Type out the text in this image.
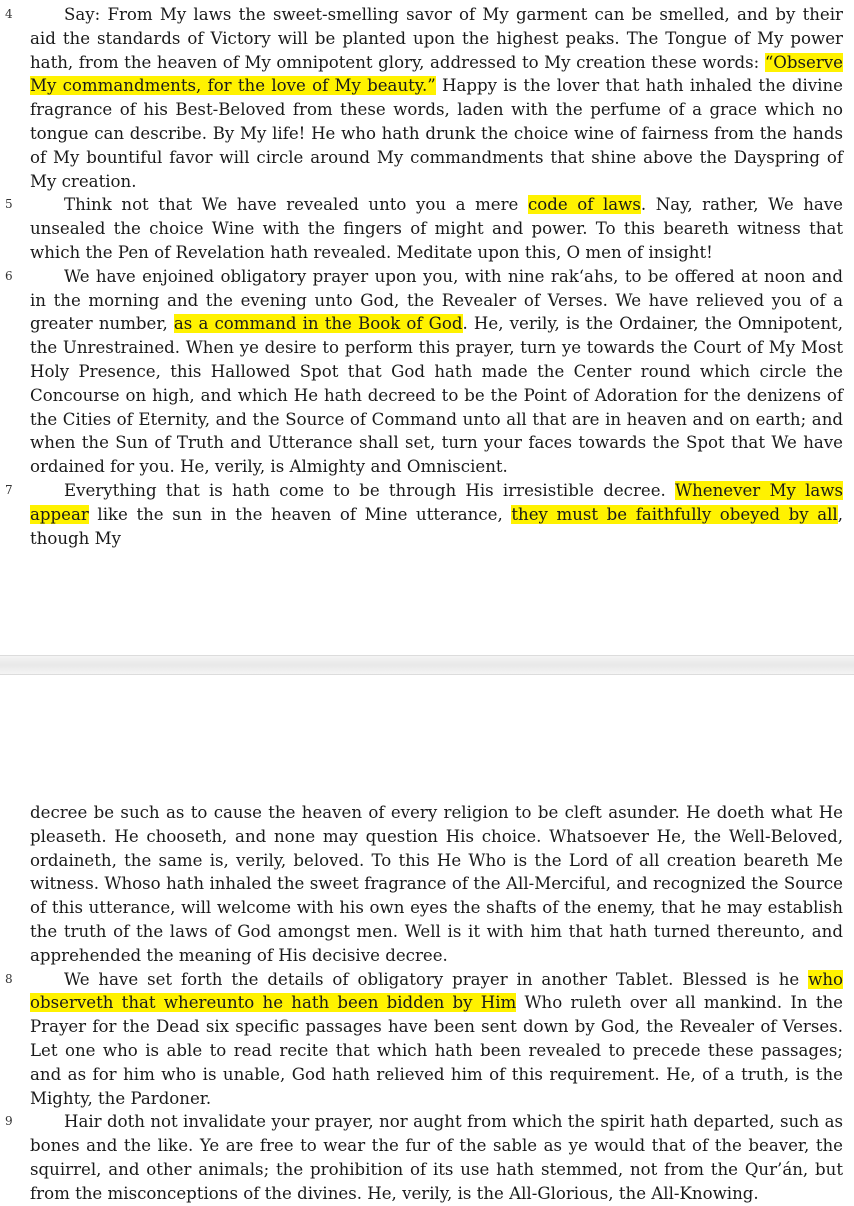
4	Say: From My laws the sweet-smelling savor of My garment can be smelled, and by their aid the standards of Victory will be planted upon the highest peaks. The Tongue of My power hath, from the heaven of My omnipotent glory, addressed to My creation these words: “Observe My commandments, for the love of My beauty.” Happy is the lover that hath inhaled the divine fragrance of his Best-Beloved from these words, laden with the perfume of a grace which no tongue can describe. By My life! He who hath drunk the choice wine of fairness from the hands of My bountiful favor will circle around My commandments that shine above the Dayspring of My creation.

5	Think not that We have revealed unto you a mere code of laws. Nay, rather, We have unsealed the choice Wine with the fingers of might and power. To this beareth witness that which the Pen of Revelation hath revealed. Meditate upon this, O men of insight!

6	We have enjoined obligatory prayer upon you, with nine rak‘ahs, to be offered at noon and in the morning and the evening unto God, the Revealer of Verses. We have relieved you of a greater number, as a command in the Book of God. He, verily, is the Ordainer, the Omnipotent, the Unrestrained. When ye desire to perform this prayer, turn ye towards the Court of My Most Holy Presence, this Hallowed Spot that God hath made the Center round which circle the Concourse on high, and which He hath decreed to be the Point of Adoration for the denizens of the Cities of Eternity, and the Source of Command unto all that are in heaven and on earth; and when the Sun of Truth and Utterance shall set, turn your faces towards the Spot that We have ordained for you. He, verily, is Almighty and Omniscient.

7	Everything that is hath come to be through His irresistible decree. Whenever My laws appear like the sun in the heaven of Mine utterance, they must be faithfully obeyed by all, though My

decree be such as to cause the heaven of every religion to be cleft asunder. He doeth what He pleaseth. He chooseth, and none may question His choice. Whatsoever He, the Well-Beloved, ordaineth, the same is, verily, beloved. To this He Who is the Lord of all creation beareth Me witness. Whoso hath inhaled the sweet fragrance of the All-Merciful, and recognized the Source of this utterance, will welcome with his own eyes the shafts of the enemy, that he may establish the truth of the laws of God amongst men. Well is it with him that hath turned thereunto, and apprehended the meaning of His decisive decree.

8	We have set forth the details of obligatory prayer in another Tablet. Blessed is he who observeth that whereunto he hath been bidden by Him Who ruleth over all mankind. In the Prayer for the Dead six specific passages have been sent down by God, the Revealer of Verses. Let one who is able to read recite that which hath been revealed to precede these passages; and as for him who is unable, God hath relieved him of this requirement. He, of a truth, is the Mighty, the Pardoner.

9	Hair doth not invalidate your prayer, nor aught from which the spirit hath departed, such as bones and the like. Ye are free to wear the fur of the sable as ye would that of the beaver, the squirrel, and other animals; the prohibition of its use hath stemmed, not from the Qur’án, but from the misconceptions of the divines. He, verily, is the All-Glorious, the All-Knowing.
